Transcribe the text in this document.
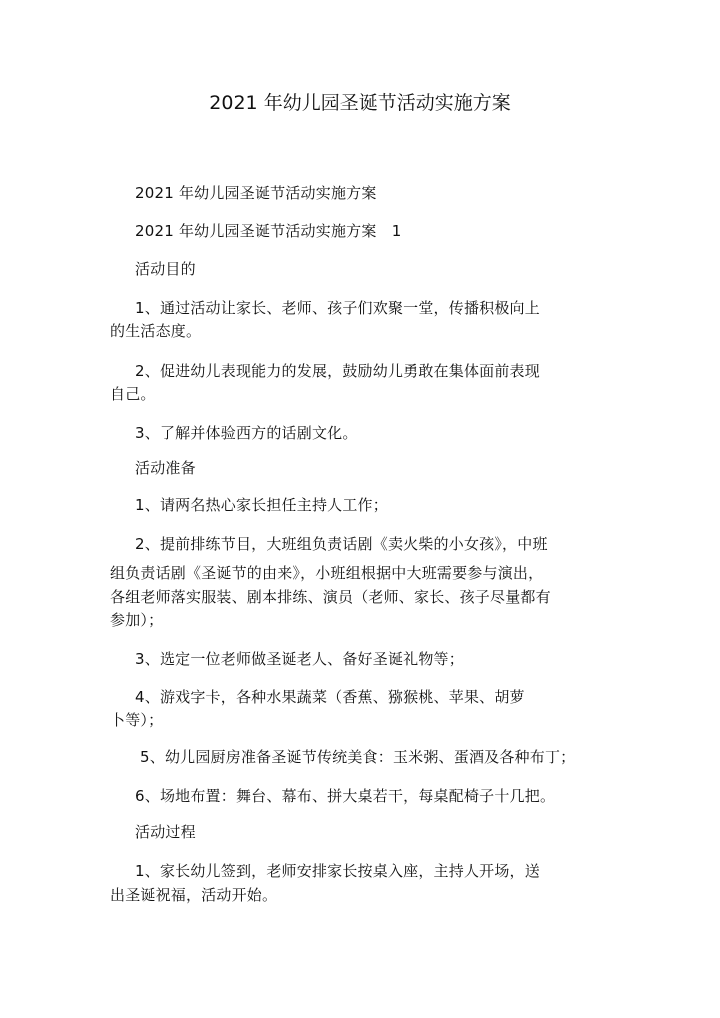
2021 年幼儿园圣诞节活动实施方案
2021 年幼儿园圣诞节活动实施方案
2021 年幼儿园圣诞节活动实施方案　1
活动目的
1、通过活动让家长、老师、孩子们欢聚一堂，传播积极向上
的生活态度。
2、促进幼儿表现能力的发展，鼓励幼儿勇敢在集体面前表现
自己。
3、了解并体验西方的话剧文化。
活动准备
1、请两名热心家长担任主持人工作；
2、提前排练节目，大班组负责话剧《卖火柴的小女孩》，中班
组负责话剧《圣诞节的由来》，小班组根据中大班需要参与演出，
各组老师落实服装、剧本排练、演员（老师、家长、孩子尽量都有
参加）；
3、选定一位老师做圣诞老人、备好圣诞礼物等；
4、游戏字卡，各种水果蔬菜（香蕉、猕猴桃、苹果、胡萝
卜等）；
5、幼儿园厨房准备圣诞节传统美食：玉米粥、蛋酒及各种布丁；
6、场地布置：舞台、幕布、拼大桌若干，每桌配椅子十几把。
活动过程
1、家长幼儿签到，老师安排家长按桌入座，主持人开场，送
出圣诞祝福，活动开始。
